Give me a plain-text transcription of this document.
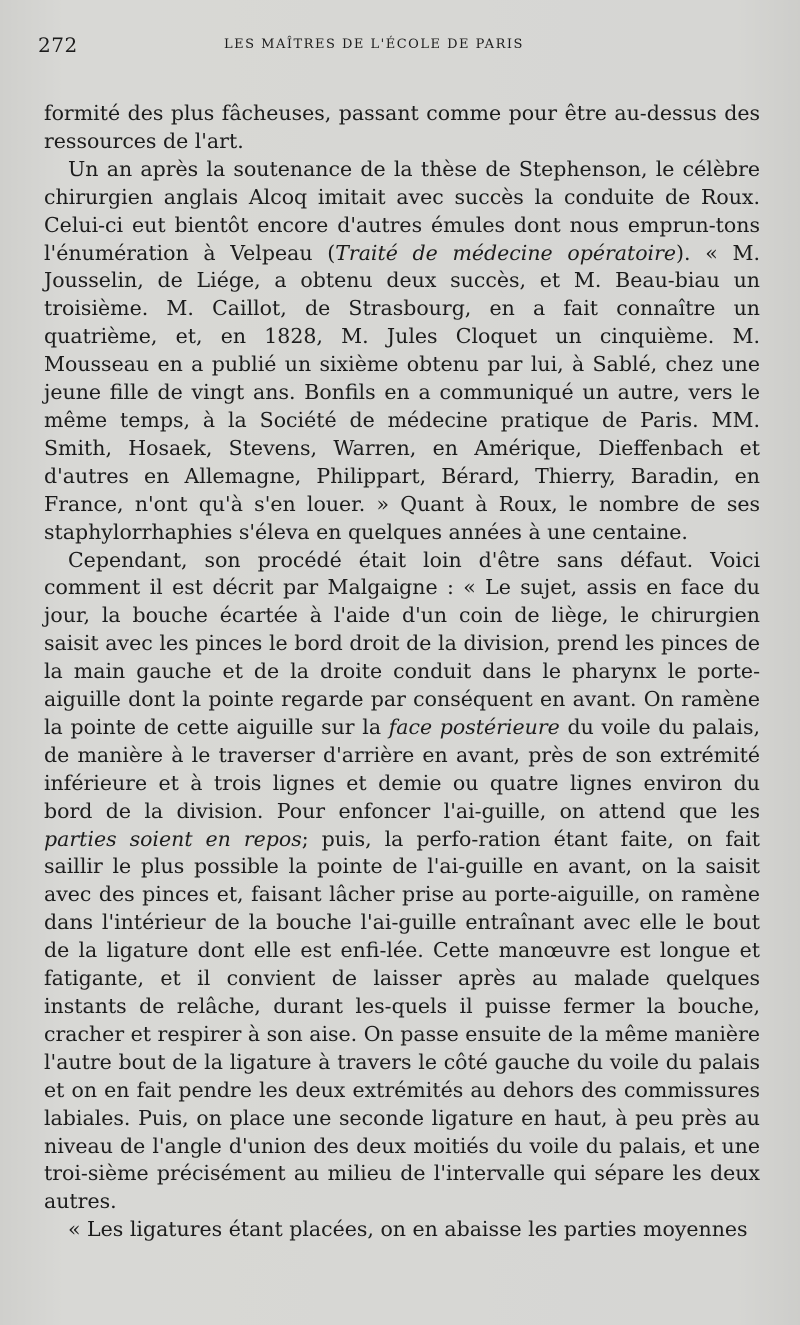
272	LES MAÎTRES DE L'ÉCOLE DE PARIS

formité des plus fâcheuses, passant comme pour être au-dessus des ressources de l'art.

Un an après la soutenance de la thèse de Stephenson, le célèbre chirurgien anglais Alcoq imitait avec succès la conduite de Roux. Celui-ci eut bientôt encore d'autres émules dont nous emprun-tons l'énumération à Velpeau (Traité de médecine opératoire). « M. Jousselin, de Liége, a obtenu deux succès, et M. Beau-biau un troisième. M. Caillot, de Strasbourg, en a fait connaître un quatrième, et, en 1828, M. Jules Cloquet un cinquième. M. Mousseau en a publié un sixième obtenu par lui, à Sablé, chez une jeune fille de vingt ans. Bonfils en a communiqué un autre, vers le même temps, à la Société de médecine pratique de Paris. MM. Smith, Hosaek, Stevens, Warren, en Amérique, Dieffenbach et d'autres en Allemagne, Philippart, Bérard, Thierry, Baradin, en France, n'ont qu'à s'en louer. » Quant à Roux, le nombre de ses staphylorrhaphies s'éleva en quelques années à une centaine.

Cependant, son procédé était loin d'être sans défaut. Voici comment il est décrit par Malgaigne : « Le sujet, assis en face du jour, la bouche écartée à l'aide d'un coin de liège, le chirurgien saisit avec les pinces le bord droit de la division, prend les pinces de la main gauche et de la droite conduit dans le pharynx le porte-aiguille dont la pointe regarde par conséquent en avant. On ramène la pointe de cette aiguille sur la face postérieure du voile du palais, de manière à le traverser d'arrière en avant, près de son extrémité inférieure et à trois lignes et demie ou quatre lignes environ du bord de la division. Pour enfoncer l'ai-guille, on attend que les parties soient en repos; puis, la perfo-ration étant faite, on fait saillir le plus possible la pointe de l'ai-guille en avant, on la saisit avec des pinces et, faisant lâcher prise au porte-aiguille, on ramène dans l'intérieur de la bouche l'ai-guille entraînant avec elle le bout de la ligature dont elle est enfi-lée. Cette manœuvre est longue et fatigante, et il convient de laisser après au malade quelques instants de relâche, durant les-quels il puisse fermer la bouche, cracher et respirer à son aise. On passe ensuite de la même manière l'autre bout de la ligature à travers le côté gauche du voile du palais et on en fait pendre les deux extrémités au dehors des commissures labiales. Puis, on place une seconde ligature en haut, à peu près au niveau de l'angle d'union des deux moitiés du voile du palais, et une troi-sième précisément au milieu de l'intervalle qui sépare les deux autres.

« Les ligatures étant placées, on en abaisse les parties moyennes
